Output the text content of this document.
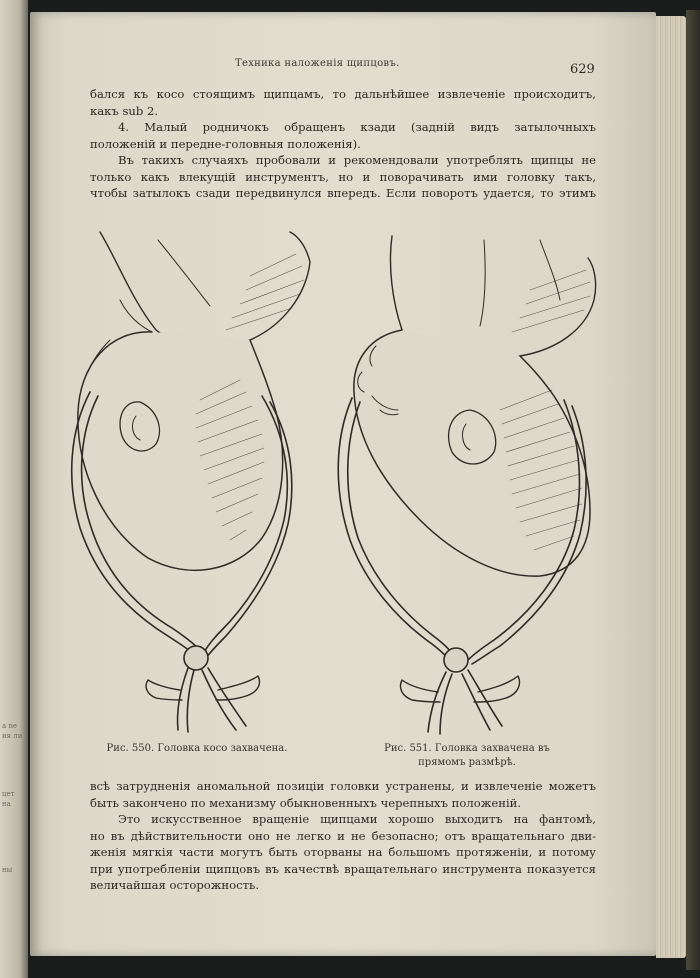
a ne
ия ли
цет
на
ны
Техника наложенія щипцовъ.	629
бался къ косо стоящимъ щипцамъ, то дальнѣйшее извлеченіе происходитъ,
какъ sub 2.
4. Малый родничокъ обращенъ кзади (задній видъ затылочныхъ
положеній и передне-головныя положенія).
Въ такихъ случаяхъ пробовали и рекомендовали употреблять щипцы не
только какъ влекущій инструментъ, но и поворачивать ими головку такъ,
чтобы затылокъ сзади передвинулся впередъ. Если поворотъ удается, то этимъ
Рис. 550. Головка косо захвачена.	Рис. 551. Головка захвачена въ
прямомъ размѣрѣ.
всѣ затрудненія аномальной позиціи головки устранены, и извлеченіе можетъ
быть закончено по механизму обыкновенныхъ черепныхъ положеній.
Это искусственное вращеніе щипцами хорошо выходитъ на фантомѣ,
но въ дѣйствительности оно не легко и не безопасно; отъ вращательнаго дви-
женія мягкія части могутъ быть оторваны на большомъ протяженіи, и потому
при употребленіи щипцовъ въ качествѣ вращательнаго инструмента показуется
величайшая осторожность.
